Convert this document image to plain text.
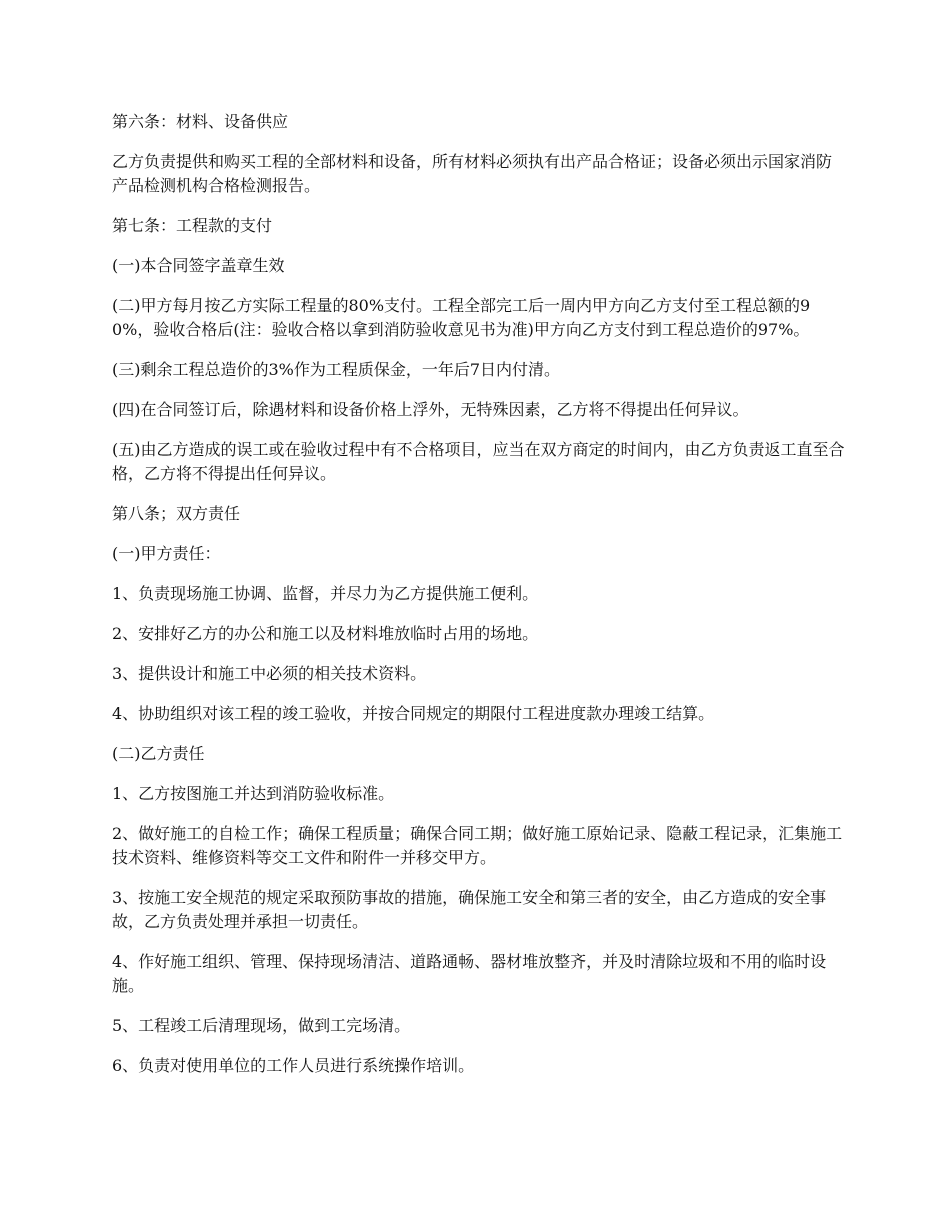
第六条：材料、设备供应

乙方负责提供和购买工程的全部材料和设备，所有材料必须执有出产品合格证；设备必须出示国家消防产品检测机构合格检测报告。

第七条：工程款的支付

(一)本合同签字盖章生效

(二)甲方每月按乙方实际工程量的80%支付。工程全部完工后一周内甲方向乙方支付至工程总额的90%，验收合格后(注：验收合格以拿到消防验收意见书为准)甲方向乙方支付到工程总造价的97%。

(三)剩余工程总造价的3%作为工程质保金，一年后7日内付清。

(四)在合同签订后，除遇材料和设备价格上浮外，无特殊因素，乙方将不得提出任何异议。

(五)由乙方造成的误工或在验收过程中有不合格项目，应当在双方商定的时间内，由乙方负责返工直至合格，乙方将不得提出任何异议。

第八条；双方责任

(一)甲方责任：

1、负责现场施工协调、监督，并尽力为乙方提供施工便利。

2、安排好乙方的办公和施工以及材料堆放临时占用的场地。

3、提供设计和施工中必须的相关技术资料。

4、协助组织对该工程的竣工验收，并按合同规定的期限付工程进度款办理竣工结算。

(二)乙方责任

1、乙方按图施工并达到消防验收标准。

2、做好施工的自检工作；确保工程质量；确保合同工期；做好施工原始记录、隐蔽工程记录，汇集施工技术资料、维修资料等交工文件和附件一并移交甲方。

3、按施工安全规范的规定采取预防事故的措施，确保施工安全和第三者的安全，由乙方造成的安全事故，乙方负责处理并承担一切责任。

4、作好施工组织、管理、保持现场清洁、道路通畅、器材堆放整齐，并及时清除垃圾和不用的临时设施。

5、工程竣工后清理现场，做到工完场清。

6、负责对使用单位的工作人员进行系统操作培训。
